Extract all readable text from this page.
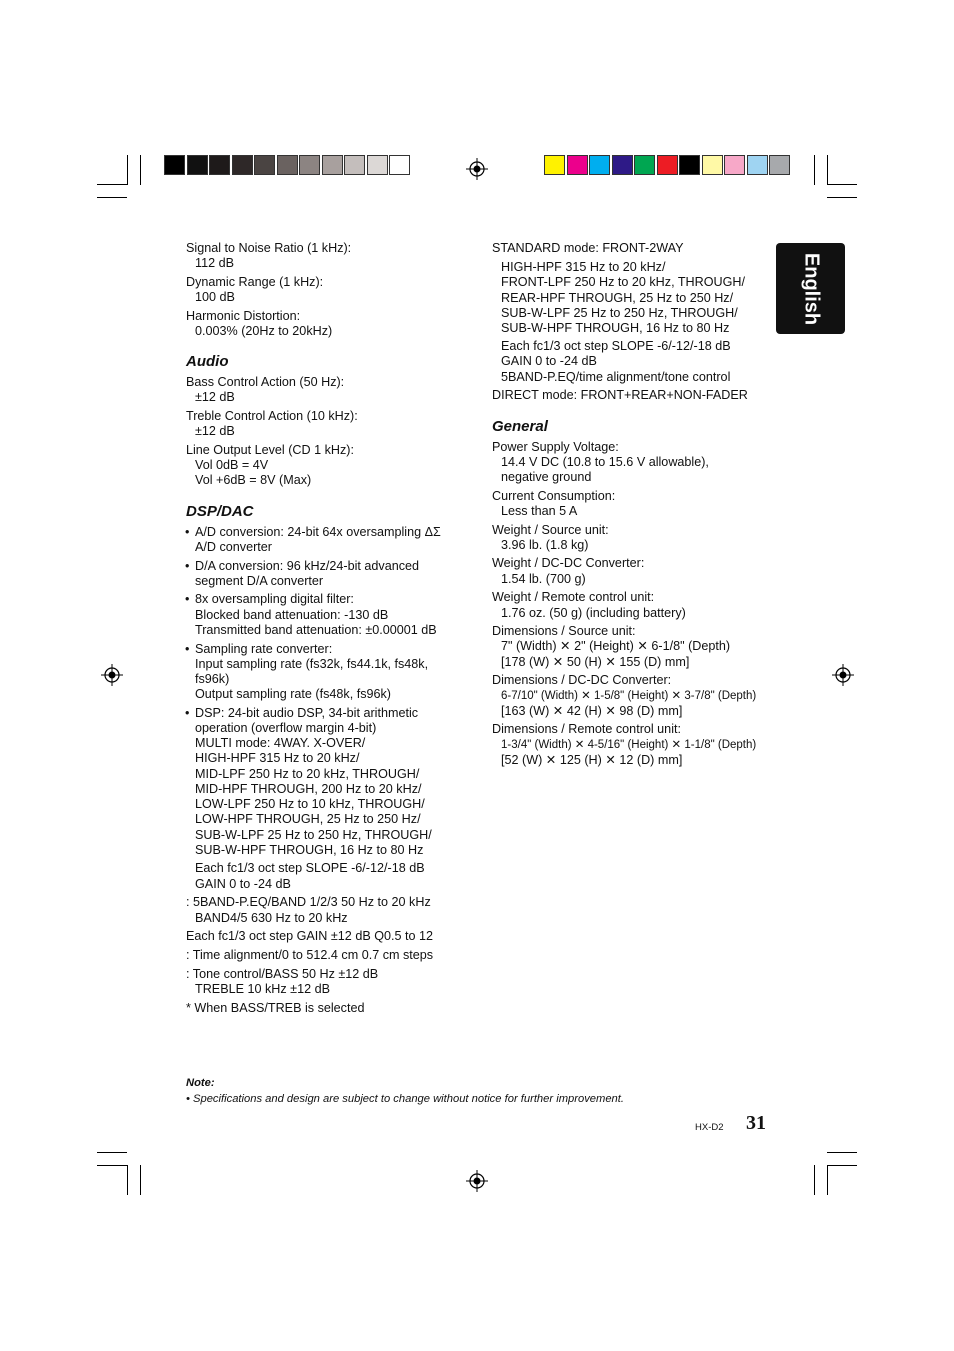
English
Signal to Noise Ratio (1 kHz):
112 dB
Dynamic Range (1 kHz):
100 dB
Harmonic Distortion:
0.003% (20Hz to 20kHz)
Audio
Bass Control Action (50 Hz):
±12 dB
Treble Control Action (10 kHz):
±12 dB
Line Output Level (CD 1 kHz):
Vol 0dB = 4V
Vol +6dB = 8V (Max)
DSP/DAC
• A/D conversion: 24-bit 64x oversampling ΔΣ
A/D converter
• D/A conversion: 96 kHz/24-bit advanced
segment D/A converter
• 8x oversampling digital filter:
Blocked band attenuation: -130 dB
Transmitted band attenuation: ±0.00001 dB
• Sampling rate converter:
Input sampling rate (fs32k, fs44.1k, fs48k,
fs96k)
Output sampling rate (fs48k, fs96k)
• DSP: 24-bit audio DSP, 34-bit arithmetic
operation (overflow margin 4-bit)
MULTI mode: 4WAY. X-OVER/
HIGH-HPF 315 Hz to 20 kHz/
MID-LPF 250 Hz to 20 kHz, THROUGH/
MID-HPF THROUGH, 200 Hz to 20 kHz/
LOW-LPF 250 Hz to 10 kHz, THROUGH/
LOW-HPF THROUGH, 25 Hz to 250 Hz/
SUB-W-LPF 25 Hz to 250 Hz, THROUGH/
SUB-W-HPF THROUGH, 16 Hz to 80 Hz
Each fc1/3 oct step SLOPE -6/-12/-18 dB
GAIN 0 to -24 dB
: 5BAND-P.EQ/BAND 1/2/3 50 Hz to 20 kHz
BAND4/5 630 Hz to 20 kHz
Each fc1/3 oct step GAIN ±12 dB Q0.5 to 12
: Time alignment/0 to 512.4 cm 0.7 cm steps
: Tone control/BASS 50 Hz ±12 dB
TREBLE 10 kHz ±12 dB
* When BASS/TREB is selected
STANDARD mode: FRONT-2WAY
HIGH-HPF 315 Hz to 20 kHz/
FRONT-LPF 250 Hz to 20 kHz, THROUGH/
REAR-HPF THROUGH, 25 Hz to 250 Hz/
SUB-W-LPF 25 Hz to 250 Hz, THROUGH/
SUB-W-HPF THROUGH, 16 Hz to 80 Hz
Each fc1/3 oct step SLOPE -6/-12/-18 dB
GAIN 0 to -24 dB
5BAND-P.EQ/time alignment/tone control
DIRECT mode: FRONT+REAR+NON-FADER
General
Power Supply Voltage:
14.4 V DC (10.8 to 15.6 V allowable),
negative ground
Current Consumption:
Less than 5 A
Weight / Source unit:
3.96 lb. (1.8 kg)
Weight / DC-DC Converter:
1.54 lb. (700 g)
Weight / Remote control unit:
1.76 oz. (50 g) (including battery)
Dimensions / Source unit:
7" (Width) ✕ 2" (Height) ✕ 6-1/8" (Depth)
[178 (W) ✕ 50 (H) ✕ 155 (D) mm]
Dimensions / DC-DC Converter:
6-7/10" (Width) ✕ 1-5/8" (Height) ✕ 3-7/8" (Depth)
[163 (W) ✕ 42 (H) ✕ 98 (D) mm]
Dimensions / Remote control unit:
1-3/4" (Width) ✕ 4-5/16" (Height) ✕ 1-1/8" (Depth)
[52 (W) ✕ 125 (H) ✕ 12 (D) mm]
Note:
• Specifications and design are subject to change without notice for further improvement.
HX-D2 31
